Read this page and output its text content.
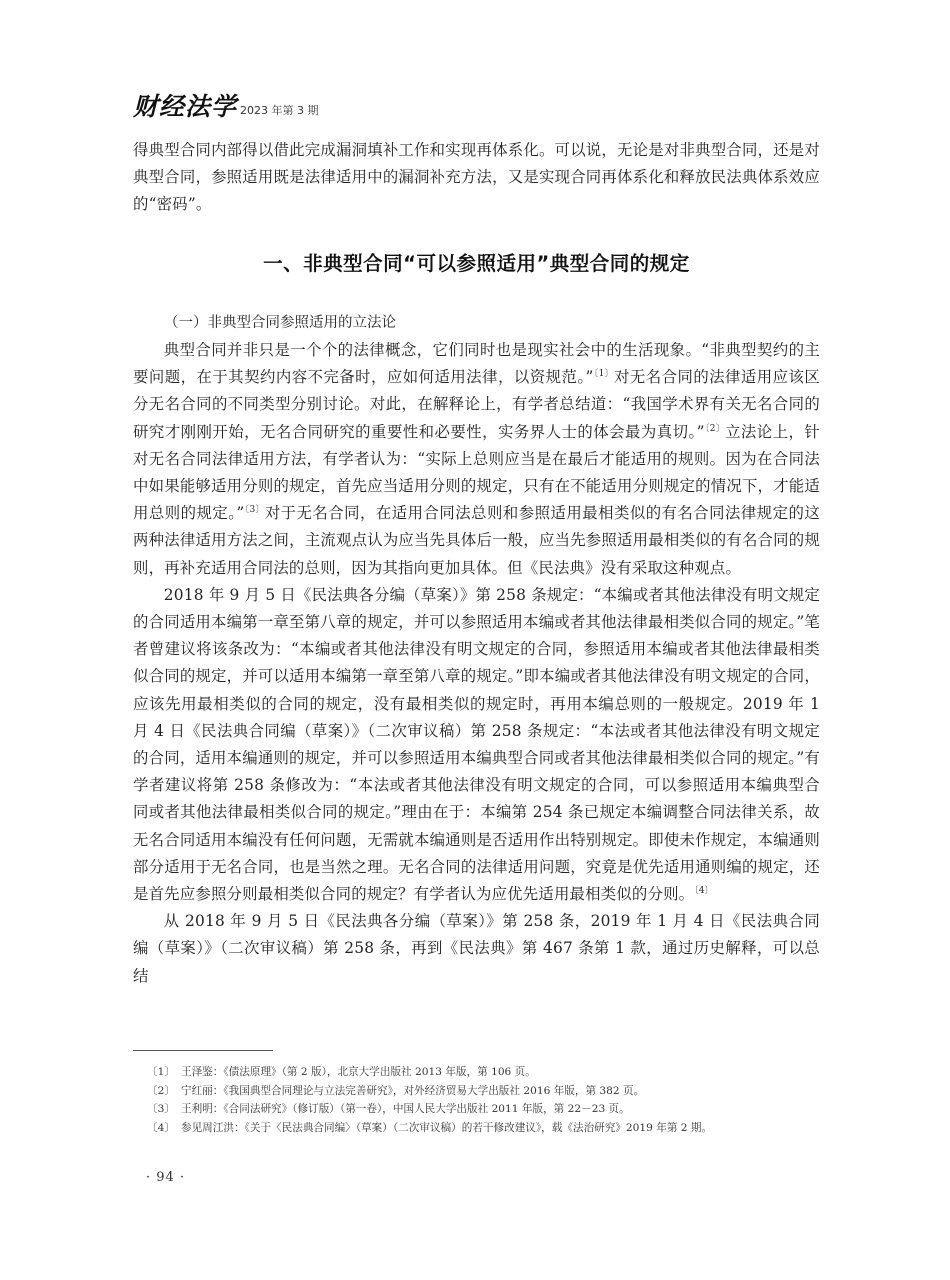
财经法学 2023 年第 3 期

得典型合同内部得以借此完成漏洞填补工作和实现再体系化。可以说，无论是对非典型合同，还是对典型合同，参照适用既是法律适用中的漏洞补充方法，又是实现合同再体系化和释放民法典体系效应的“密码”。

一、非典型合同“可以参照适用”典型合同的规定
（一）非典型合同参照适用的立法论

典型合同并非只是一个个的法律概念，它们同时也是现实社会中的生活现象。“非典型契约的主要问题，在于其契约内容不完备时，应如何适用法律，以资规范。”$^{〔1〕}$对无名合同的法律适用应该区分无名合同的不同类型分别讨论。对此，在解释论上，有学者总结道：“我国学术界有关无名合同的研究才刚刚开始，无名合同研究的重要性和必要性，实务界人士的体会最为真切。”$^{〔2〕}$立法论上，针对无名合同法律适用方法，有学者认为：“实际上总则应当是在最后才能适用的规则。因为在合同法中如果能够适用分则的规定，首先应当适用分则的规定，只有在不能适用分则规定的情况下，才能适用总则的规定。”$^{〔3〕}$对于无名合同，在适用合同法总则和参照适用最相类似的有名合同法律规定的这两种法律适用方法之间，主流观点认为应当先具体后一般，应当先参照适用最相类似的有名合同的规则，再补充适用合同法的总则，因为其指向更加具体。但《民法典》没有采取这种观点。

2018 年 9 月 5 日《民法典各分编（草案）》第 258 条规定：“本编或者其他法律没有明文规定的合同适用本编第一章至第八章的规定，并可以参照适用本编或者其他法律最相类似合同的规定。”笔者曾建议将该条改为：“本编或者其他法律没有明文规定的合同，参照适用本编或者其他法律最相类似合同的规定，并可以适用本编第一章至第八章的规定。”即本编或者其他法律没有明文规定的合同，应该先用最相类似的合同的规定，没有最相类似的规定时，再用本编总则的一般规定。2019 年 1 月 4 日《民法典合同编（草案）》（二次审议稿）第 258 条规定：“本法或者其他法律没有明文规定的合同，适用本编通则的规定，并可以参照适用本编典型合同或者其他法律最相类似合同的规定。”有学者建议将第 258 条修改为：“本法或者其他法律没有明文规定的合同，可以参照适用本编典型合同或者其他法律最相类似合同的规定。”理由在于：本编第 254 条已规定本编调整合同法律关系，故无名合同适用本编没有任何问题，无需就本编通则是否适用作出特别规定。即使未作规定，本编通则部分适用于无名合同，也是当然之理。无名合同的法律适用问题，究竟是优先适用通则编的规定，还是首先应参照分则最相类似合同的规定？有学者认为应优先适用最相类似的分则。$^{〔4〕}$

从 2018 年 9 月 5 日《民法典各分编（草案）》第 258 条，2019 年 1 月 4 日《民法典合同编（草案）》（二次审议稿）第 258 条，再到《民法典》第 467 条第 1 款，通过历史解释，可以总结

〔1〕 王泽鉴：《债法原理》（第 2 版），北京大学出版社 2013 年版，第 106 页。
〔2〕 宁红丽：《我国典型合同理论与立法完善研究》，对外经济贸易大学出版社 2016 年版，第 382 页。
〔3〕 王利明：《合同法研究》（修订版）（第一卷），中国人民大学出版社 2011 年版，第 22－23 页。
〔4〕 参见周江洪：《关于〈民法典合同编〉（草案）（二次审议稿）的若干修改建议》，载《法治研究》2019 年第 2 期。
· 94 ·
